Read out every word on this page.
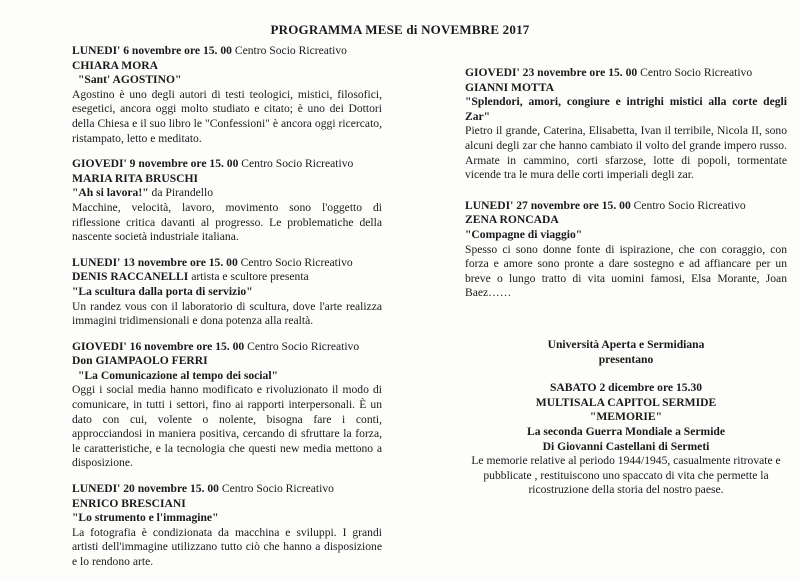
PROGRAMMA MESE di NOVEMBRE 2017
LUNEDI' 6 novembre ore 15. 00 Centro Socio Ricreativo
CHIARA MORA
"Sant' AGOSTINO"
Agostino è uno degli autori di testi teologici, mistici, filosofici, esegetici, ancora oggi molto studiato e citato; è uno dei Dottori della Chiesa e il suo libro le "Confessioni" è ancora oggi ricercato, ristampato, letto e meditato.
GIOVEDI' 9 novembre ore 15. 00 Centro Socio Ricreativo
MARIA RITA BRUSCHI
"Ah si lavora!" da Pirandello
Macchine, velocità, lavoro, movimento sono l'oggetto di riflessione critica davanti al progresso. Le problematiche della nascente società industriale italiana.
LUNEDI' 13 novembre ore 15. 00 Centro Socio Ricreativo
DENIS RACCANELLI artista e scultore presenta
"La scultura dalla porta di servizio"
Un randez vous con il laboratorio di scultura, dove l'arte realizza immagini tridimensionali e dona potenza alla realtà.
GIOVEDI' 16 novembre ore 15. 00 Centro Socio Ricreativo
Don GIAMPAOLO FERRI
"La Comunicazione al tempo dei social"
Oggi i social media hanno modificato e rivoluzionato il modo di comunicare, in tutti i settori, fino ai rapporti interpersonali. È un dato con cui, volente o nolente, bisogna fare i conti, approcciandosi in maniera positiva, cercando di sfruttare la forza, le caratteristiche, e la tecnologia che questi new media mettono a disposizione.
LUNEDI' 20 novembre 15. 00 Centro Socio Ricreativo
ENRICO BRESCIANI
"Lo strumento e l'immagine"
La fotografia è condizionata da macchina e sviluppi. I grandi artisti dell'immagine utilizzano tutto ciò che hanno a disposizione e lo rendono arte.
GIOVEDI' 23 novembre ore 15. 00 Centro Socio Ricreativo
GIANNI MOTTA
"Splendori, amori, congiure e intrighi mistici alla corte degli Zar"
Pietro il grande, Caterina, Elisabetta, Ivan il terribile, Nicola II, sono alcuni degli zar che hanno cambiato il volto del grande impero russo. Armate in cammino, corti sfarzose, lotte di popoli, tormentate vicende tra le mura delle corti imperiali degli zar.
LUNEDI' 27 novembre ore 15. 00 Centro Socio Ricreativo
ZENA RONCADA
"Compagne di viaggio"
Spesso ci sono donne fonte di ispirazione, che con coraggio, con forza e amore sono pronte a dare sostegno e ad affiancare per un breve o lungo tratto di vita uomini famosi, Elsa Morante, Joan Baez……
Università Aperta e Sermidiana
presentano
SABATO 2 dicembre ore 15.30
MULTISALA CAPITOL SERMIDE
"MEMORIE"
La seconda Guerra Mondiale a Sermide
Di Giovanni Castellani di Sermeti
Le memorie relative al periodo 1944/1945, casualmente ritrovate e pubblicate , restituiscono uno spaccato di vita che permette la ricostruzione della storia del nostro paese.
